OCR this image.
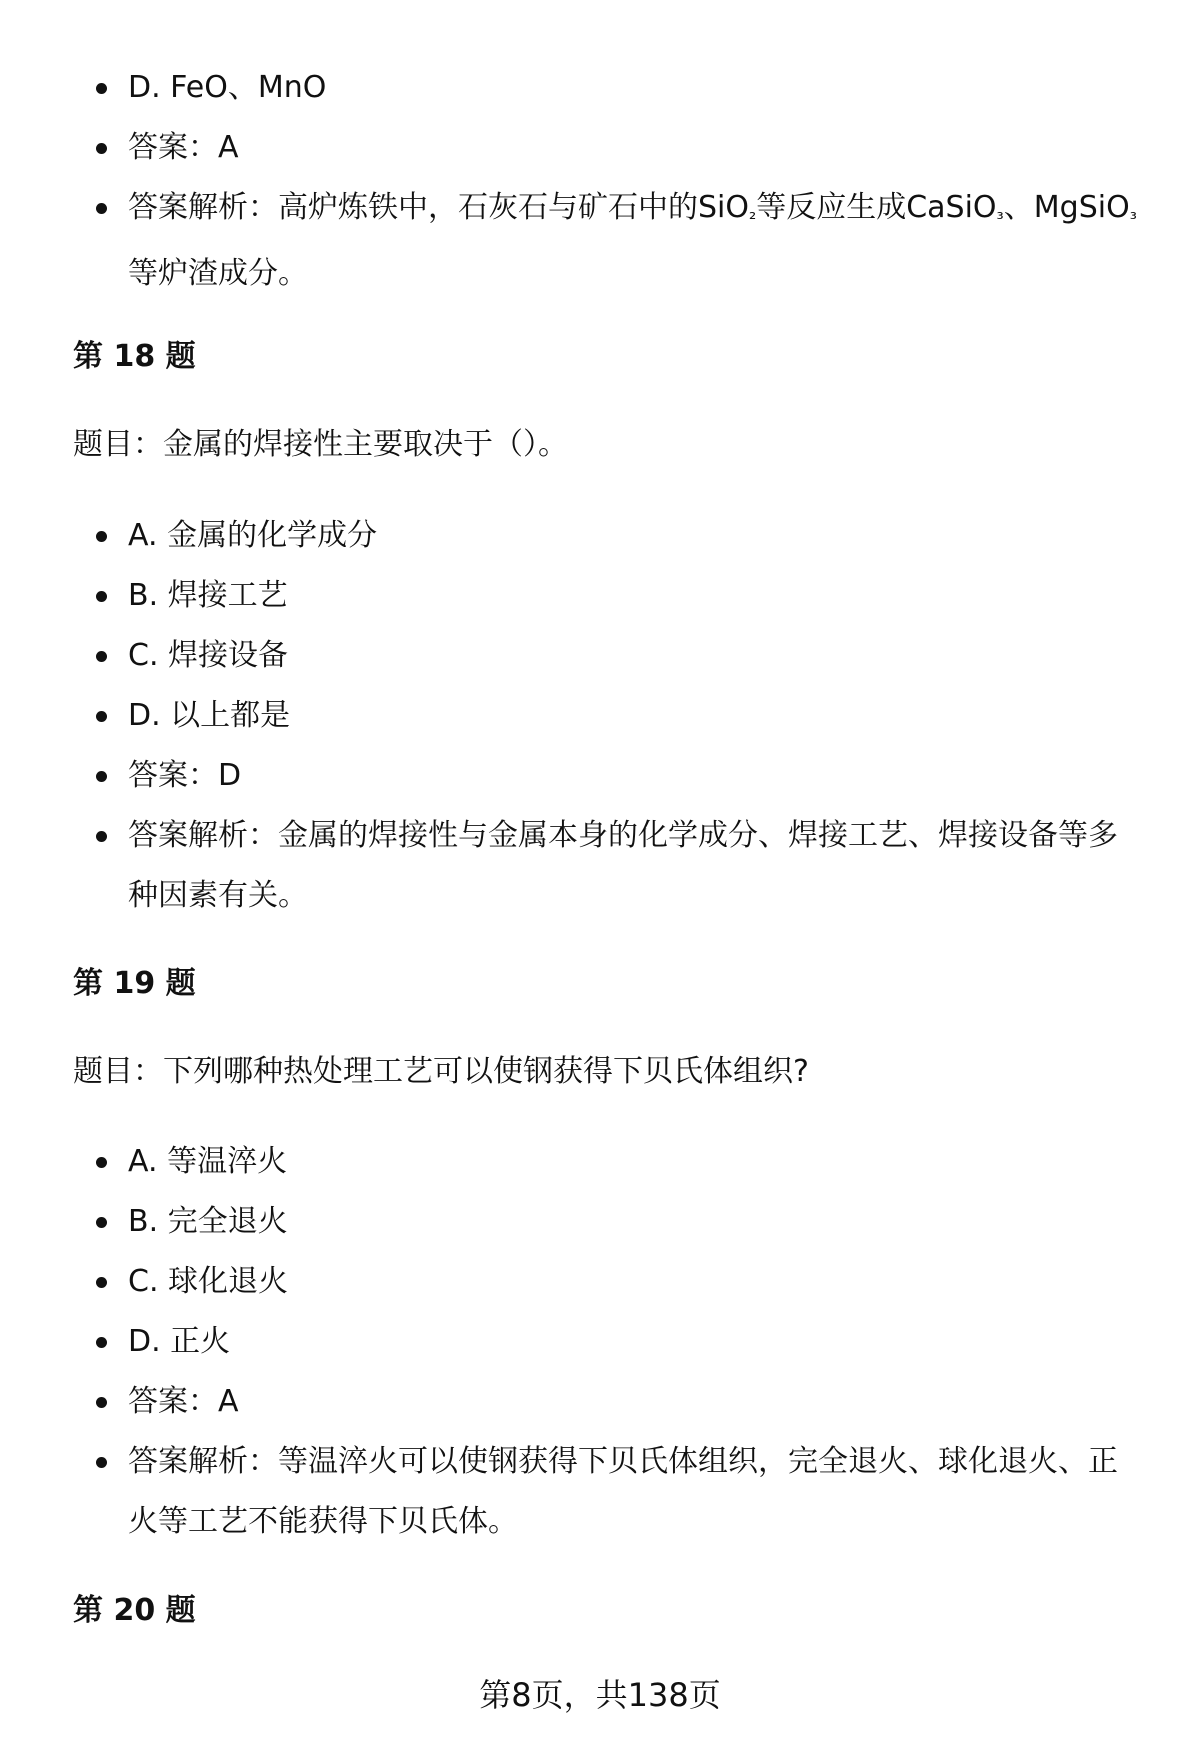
D. FeO、MnO
答案：A
答案解析：高炉炼铁中，石灰石与矿石中的SiO$_{_2}$等反应生成CaSiO$_{_3}$、MgSiO$_{_3}$等炉渣成分。
第 18 题
题目：金属的焊接性主要取决于（）。
A. 金属的化学成分
B. 焊接工艺
C. 焊接设备
D. 以上都是
答案：D
答案解析：金属的焊接性与金属本身的化学成分、焊接工艺、焊接设备等多种因素有关。
第 19 题
题目：下列哪种热处理工艺可以使钢获得下贝氏体组织?
A. 等温淬火
B. 完全退火
C. 球化退火
D. 正火
答案：A
答案解析：等温淬火可以使钢获得下贝氏体组织，完全退火、球化退火、正火等工艺不能获得下贝氏体。
第 20 题
第8页，共138页
